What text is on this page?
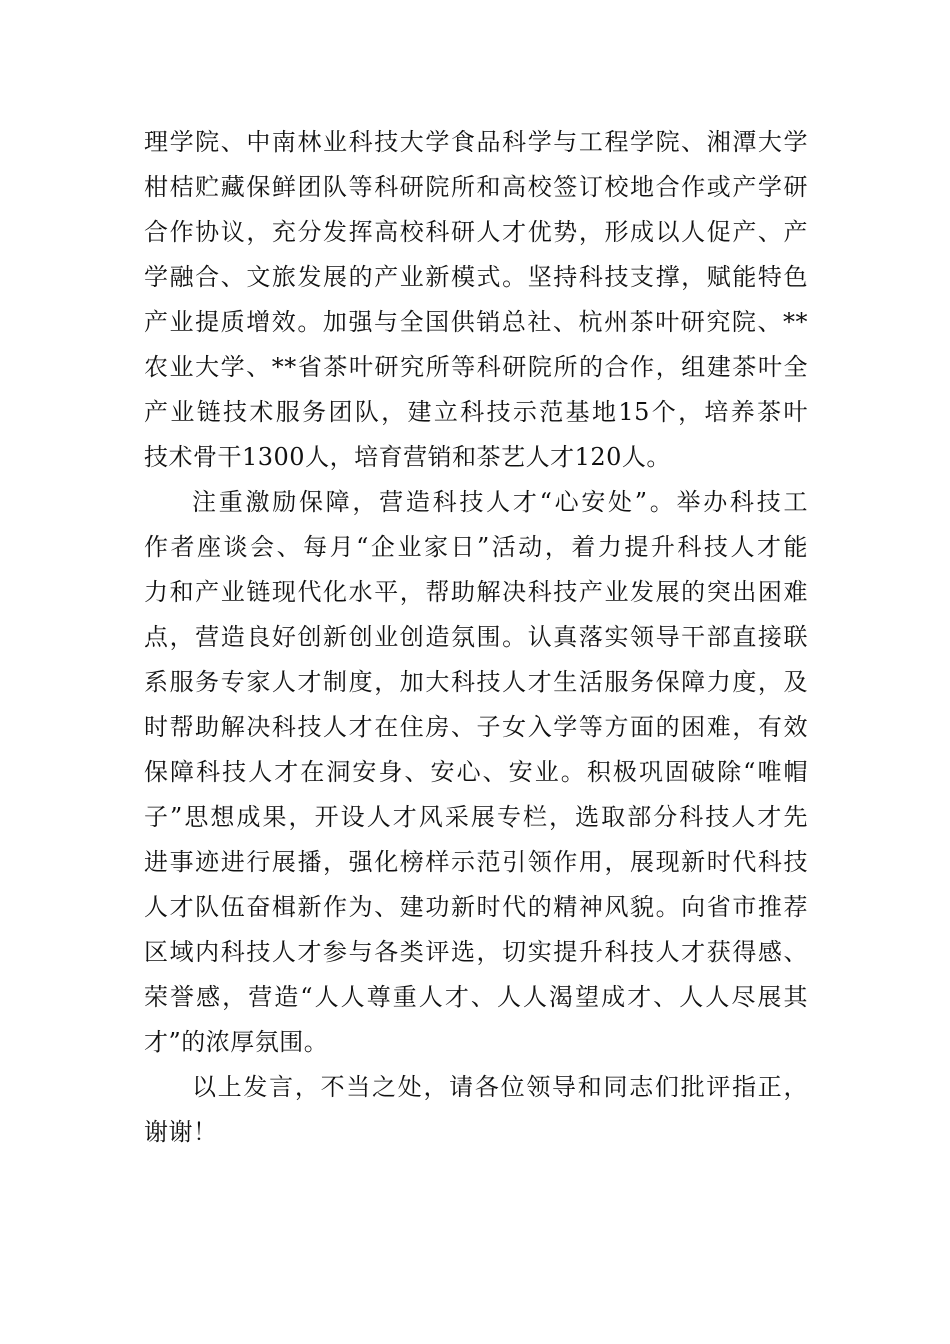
理学院、中南林业科技大学食品科学与工程学院、湘潭大学
柑桔贮藏保鲜团队等科研院所和高校签订校地合作或产学研
合作协议，充分发挥高校科研人才优势，形成以人促产、产
学融合、文旅发展的产业新模式。坚持科技支撑，赋能特色
产业提质增效。加强与全国供销总社、杭州茶叶研究院、**
农业大学、**省茶叶研究所等科研院所的合作，组建茶叶全
产业链技术服务团队，建立科技示范基地15个，培养茶叶
技术骨干1300人，培育营销和茶艺人才120人。
注重激励保障，营造科技人才“心安处”。举办科技工
作者座谈会、每月“企业家日”活动，着力提升科技人才能
力和产业链现代化水平，帮助解决科技产业发展的突出困难
点，营造良好创新创业创造氛围。认真落实领导干部直接联
系服务专家人才制度，加大科技人才生活服务保障力度，及
时帮助解决科技人才在住房、子女入学等方面的困难，有效
保障科技人才在洞安身、安心、安业。积极巩固破除“唯帽
子”思想成果，开设人才风采展专栏，选取部分科技人才先
进事迹进行展播，强化榜样示范引领作用，展现新时代科技
人才队伍奋楫新作为、建功新时代的精神风貌。向省市推荐
区域内科技人才参与各类评选，切实提升科技人才获得感、
荣誉感，营造“人人尊重人才、人人渴望成才、人人尽展其
才”的浓厚氛围。
以上发言，不当之处，请各位领导和同志们批评指正，
谢谢！
